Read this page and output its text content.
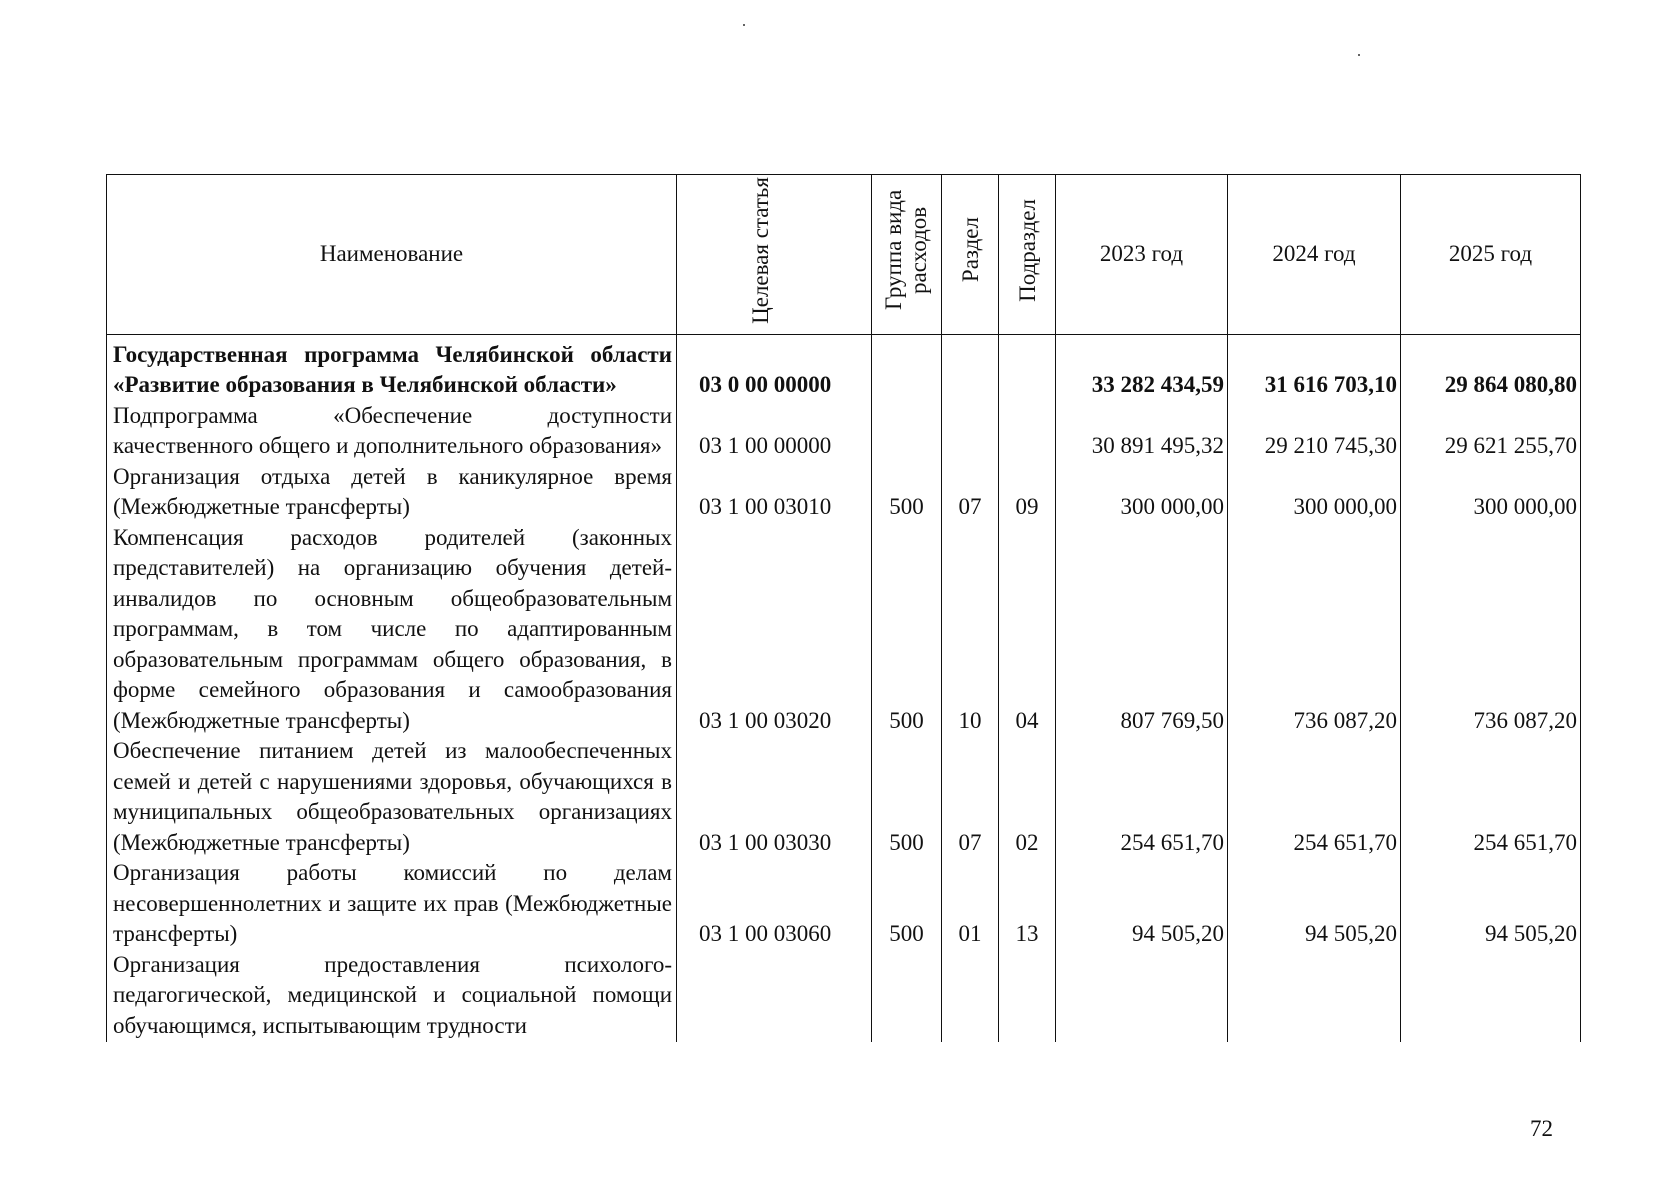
Наименование	Целевая статья	Группа вида расходов	Раздел	Подраздел	2023 год	2024 год	2025 год
Государственная программа Челябинской области «Развитие образования в Челябинской области»	03 0 00 00000				33 282 434,59	31 616 703,10	29 864 080,80
Подпрограмма «Обеспечение доступности качественного общего и дополнительного образования»	03 1 00 00000				30 891 495,32	29 210 745,30	29 621 255,70
Организация отдыха детей в каникулярное время (Межбюджетные трансферты)	03 1 00 03010	500	07	09	300 000,00	300 000,00	300 000,00
Компенсация расходов родителей (законных представителей) на организацию обучения детей-инвалидов по основным общеобразовательным программам, в том числе по адаптированным образовательным программам общего образования, в форме семейного образования и самообразования (Межбюджетные трансферты)	03 1 00 03020	500	10	04	807 769,50	736 087,20	736 087,20
Обеспечение питанием детей из малообеспеченных семей и детей с нарушениями здоровья, обучающихся в муниципальных общеобразовательных организациях (Межбюджетные трансферты)	03 1 00 03030	500	07	02	254 651,70	254 651,70	254 651,70
Организация работы комиссий по делам несовершеннолетних и защите их прав (Межбюджетные трансферты)	03 1 00 03060	500	01	13	94 505,20	94 505,20	94 505,20
Организация предоставления психолого-педагогической, медицинской и социальной помощи обучающимся, испытывающим трудности							
72
